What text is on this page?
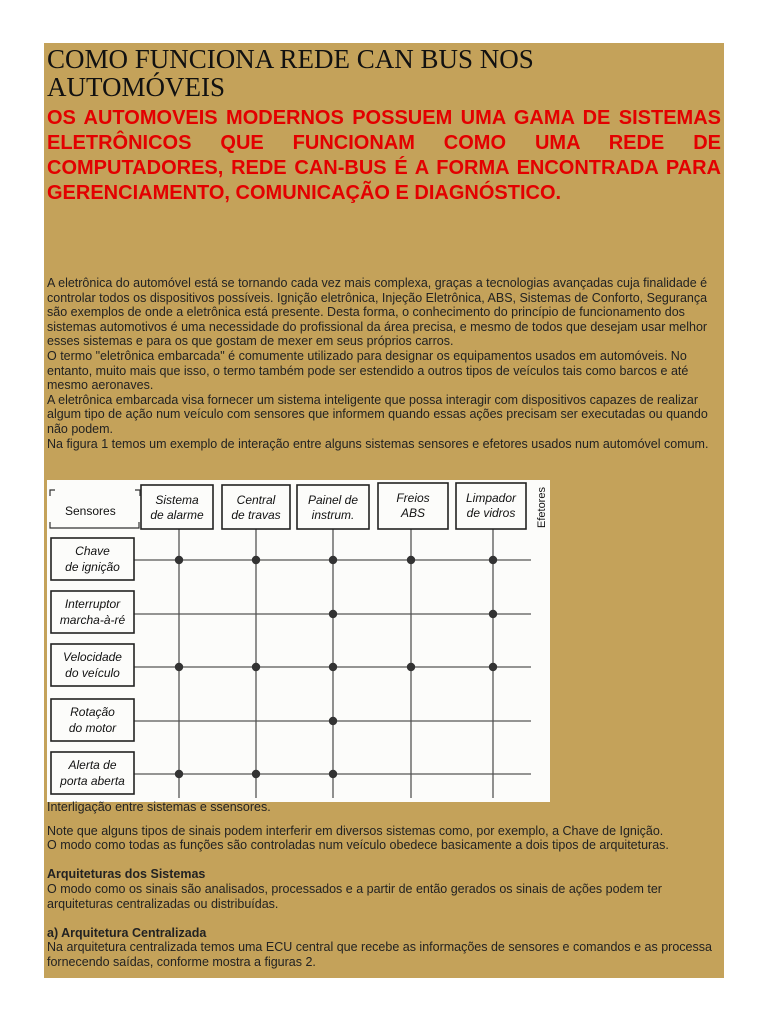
COMO FUNCIONA REDE CAN BUS NOS AUTOMÓVEIS
OS AUTOMOVEIS MODERNOS POSSUEM UMA GAMA DE SISTEMAS ELETRÔNICOS QUE FUNCIONAM COMO UMA REDE DE COMPUTADORES, REDE CAN-BUS É A FORMA ENCONTRADA PARA GERENCIAMENTO, COMUNICAÇÃO E DIAGNÓSTICO.

A eletrônica do automóvel está se tornando cada vez mais complexa, graças a tecnologias avançadas cuja finalidade é controlar todos os dispositivos possíveis. Ignição eletrônica, Injeção Eletrônica, ABS, Sistemas de Conforto, Segurança são exemplos de onde a eletrônica está presente. Desta forma, o conhecimento do princípio de funcionamento dos sistemas automotivos é uma necessidade do profissional da área precisa, e mesmo de todos que desejam usar melhor esses sistemas e para os que gostam de mexer em seus próprios carros.

O termo "eletrônica embarcada" é comumente utilizado para designar os equipamentos usados em automóveis. No entanto, muito mais que isso, o termo também pode ser estendido a outros tipos de veículos tais como barcos e até mesmo aeronaves.

A eletrônica embarcada visa fornecer um sistema inteligente que possa interagir com dispositivos capazes de realizar algum tipo de ação num veículo com sensores que informem quando essas ações precisam ser executadas ou quando não podem.

Na figura 1 temos um exemplo de interação entre alguns sistemas sensores e efetores usados num automóvel comum.

Sistema
de alarme
Central
de travas
Painel de
instrum.
Freios
ABS
Limpador
de vidros
Chave
de ignição
Interruptor
marcha-à-ré
Velocidade
do veículo
Rotação
do motor
Alerta de
porta aberta
Sensores	Efetores
Interligação entre sistemas e ssensores.

Note que alguns tipos de sinais podem interferir em diversos sistemas como, por exemplo, a Chave de Ignição.

O modo como todas as funções são controladas num veículo obedece basicamente a dois tipos de arquiteturas.

Arquiteturas dos Sistemas

O modo como os sinais são analisados, processados e a partir de então gerados os sinais de ações podem ter arquiteturas centralizadas ou distribuídas.

a) Arquitetura Centralizada

Na arquitetura centralizada temos uma ECU central que recebe as informações de sensores e comandos e as processa fornecendo saídas, conforme mostra a figuras 2.
